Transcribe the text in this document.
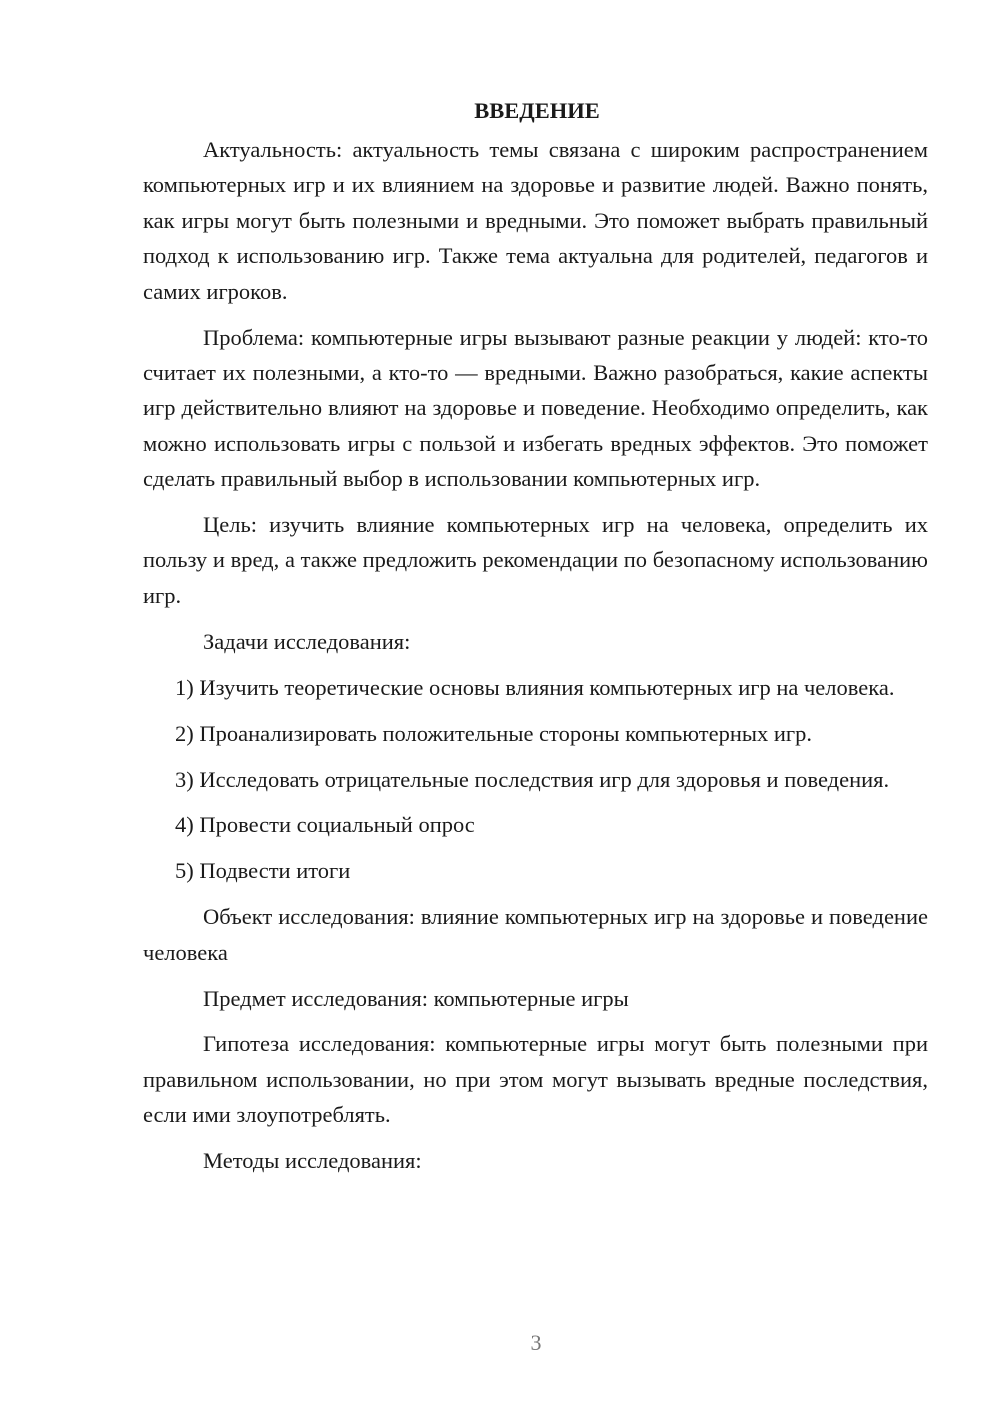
ВВЕДЕНИЕ

Актуальность: актуальность темы связана с широким распространением компьютерных игр и их влиянием на здоровье и развитие людей. Важно понять, как игры могут быть полезными и вредными. Это поможет выбрать правильный подход к использованию игр. Также тема актуальна для родителей, педагогов и самих игроков.

Проблема: компьютерные игры вызывают разные реакции у людей: кто-то считает их полезными, а кто-то — вредными. Важно разобраться, какие аспекты игр действительно влияют на здоровье и поведение. Необходимо определить, как можно использовать игры с пользой и избегать вредных эффектов. Это поможет сделать правильный выбор в использовании компьютерных игр.

Цель: изучить влияние компьютерных игр на человека, определить их пользу и вред, а также предложить рекомендации по безопасному использованию игр.

Задачи исследования:

1) Изучить теоретические основы влияния компьютерных игр на человека.

2) Проанализировать положительные стороны компьютерных игр.

3) Исследовать отрицательные последствия игр для здоровья и поведения.

4) Провести социальный опрос

5) Подвести итоги

Объект исследования: влияние компьютерных игр на здоровье и поведение человека

Предмет исследования: компьютерные игры

Гипотеза исследования: компьютерные игры могут быть полезными при правильном использовании, но при этом могут вызывать вредные последствия, если ими злоупотреблять.

Методы исследования:

3
